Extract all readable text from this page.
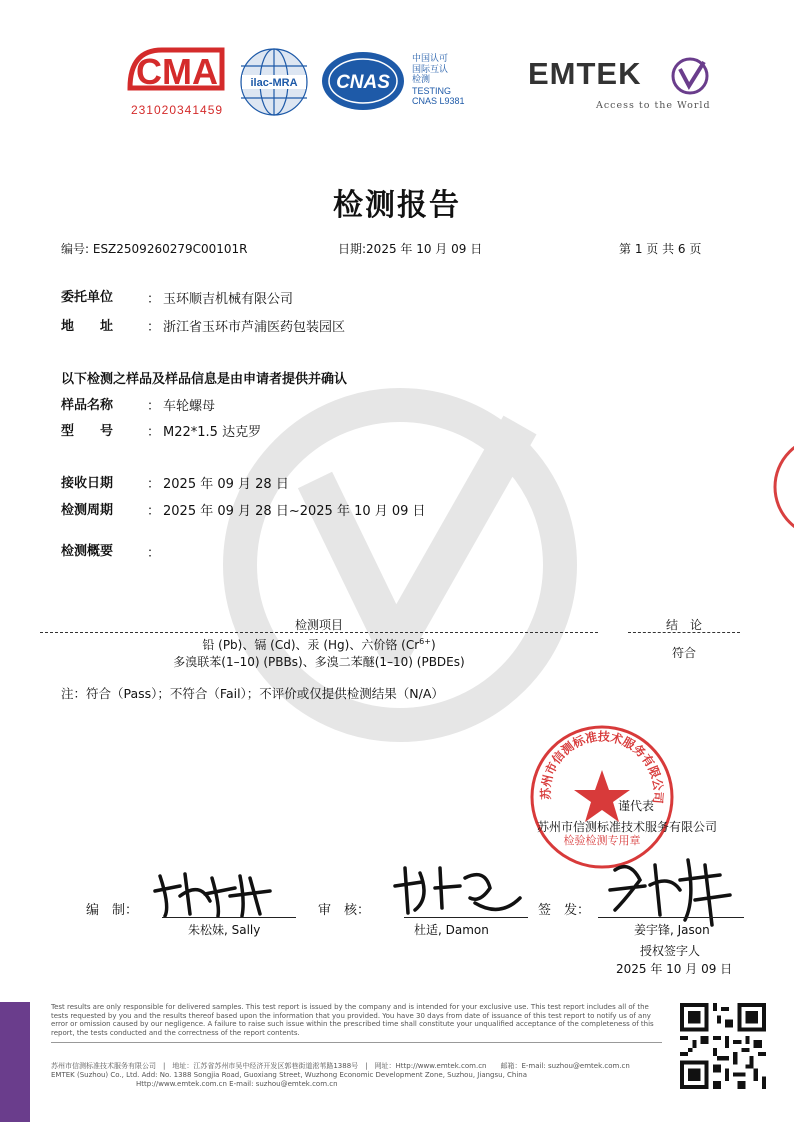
CMA
231020341459
ilac-MRA CNAS
中国认可
国际互认
检测
TESTING
CNAS L9381
EMTEK
Access to the World
检测报告
编号: ESZ2509260279C00101R	日期:2025 年 10 月 09 日	第 1 页 共 6 页
委托单位	： 玉环顺吉机械有限公司
地　　址	： 浙江省玉环市芦浦医药包装园区
以下检测之样品及样品信息是由申请者提供并确认
样品名称	： 车轮螺母
型　　号	： M22*1.5 达克罗
接收日期	： 2025 年 09 月 28 日
检测周期	： 2025 年 09 月 28 日~2025 年 10 月 09 日
检测概要	：
检测项目	结　论
铅 (Pb)、镉 (Cd)、汞 (Hg)、六价铬 $(Cr^{6+})$
多溴联苯(1–10) (PBBs)、多溴二苯醚(1–10) (PBDEs)
符合
注：符合（Pass）；不符合（Fail）；不评价或仅提供检测结果（N/A）
苏州市信测标准技术服务有限公司
检验检测专用章
谨代表
苏州市信测标准技术服务有限公司
编　制：
朱松妹, Sally
审　核：
杜适, Damon
签　发：
姜宇锋, Jason
授权签字人
2025 年 10 月 09 日
Test results are only responsible for delivered samples. This test report is issued by the company and is intended for your exclusive use. This test report includes all of the tests requested by you and the results thereof based upon the information that you provided. You have 30 days from date of issuance of this test report to notify us of any error or omission caused by our negligence. A failure to raise such issue within the prescribed time shall constitute your unqualified acceptance of the completeness of this report, the tests conducted and the correctness of the report contents.
苏州市信测标准技术服务有限公司　|　地址：江苏省苏州市吴中经济开发区郭巷街道淞苇路1388号　|　网址：Http://www.emtek.com.cn　　邮箱：E-mail: suzhou@emtek.com.cn
EMTEK (Suzhou) Co., Ltd. Add: No. 1388 Songjia Road, Guoxiang Street, Wuzhong Economic Development Zone, Suzhou, Jiangsu, China
Http://www.emtek.com.cn E-mail: suzhou@emtek.com.cn
